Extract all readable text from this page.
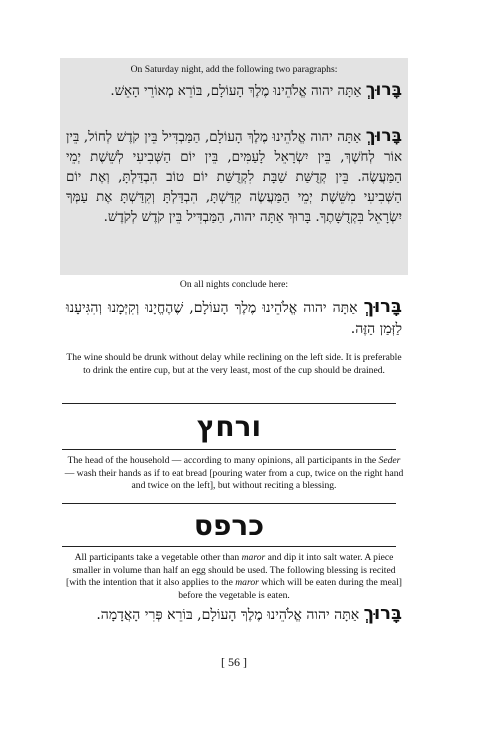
On Saturday night, add the following two paragraphs:
בָּרוּךְ אַתָּה יהוה אֱלֹהֵינוּ מֶלֶךְ הָעוֹלָם, בּוֹרֵא מְאוֹרֵי הָאֵשׁ.
בָּרוּךְ אַתָּה יהוה אֱלֹהֵינוּ מֶלֶךְ הָעוֹלָם, הַמַּבְדִּיל בֵּין קֹדֶשׁ לְחוֹל, בֵּין אוֹר לְחֹשֶׁךְ, בֵּין יִשְׂרָאֵל לָעַמִּים, בֵּין יוֹם הַשְּׁבִיעִי לְשֵׁשֶׁת יְמֵי הַמַּעֲשֶׂה. בֵּין קְדֻשַּׁת שַׁבָּת לִקְדֻשַּׁת יוֹם טוֹב הִבְדַּלְתָּ, וְאֶת יוֹם הַשְּׁבִיעִי מִשֵּׁשֶׁת יְמֵי הַמַּעֲשֶׂה קִדַּשְׁתָּ, הִבְדַּלְתָּ וְקִדַּשְׁתָּ אֶת עַמְּךָ יִשְׂרָאֵל בִּקְדֻשָּׁתֶךָ. בָּרוּךְ אַתָּה יהוה, הַמַּבְדִּיל בֵּין קֹדֶשׁ לְקֹדֶשׁ.
On all nights conclude here:
בָּרוּךְ אַתָּה יהוה אֱלֹהֵינוּ מֶלֶךְ הָעוֹלָם, שֶׁהֶחֱיָנוּ וְקִיְּמָנוּ וְהִגִּיעָנוּ לַזְּמַן הַזֶּה.
The wine should be drunk without delay while reclining on the left side. It is preferable to drink the entire cup, but at the very least, most of the cup should be drained.
ורחץ
The head of the household — according to many opinions, all participants in the Seder — wash their hands as if to eat bread [pouring water from a cup, twice on the right hand and twice on the left], but without reciting a blessing.
כרפס
All participants take a vegetable other than maror and dip it into salt water. A piece smaller in volume than half an egg should be used. The following blessing is recited [with the intention that it also applies to the maror which will be eaten during the meal] before the vegetable is eaten.
בָּרוּךְ אַתָּה יהוה אֱלֹהֵינוּ מֶלֶךְ הָעוֹלָם, בּוֹרֵא פְּרִי הָאֲדָמָה.
[ 56 ]
